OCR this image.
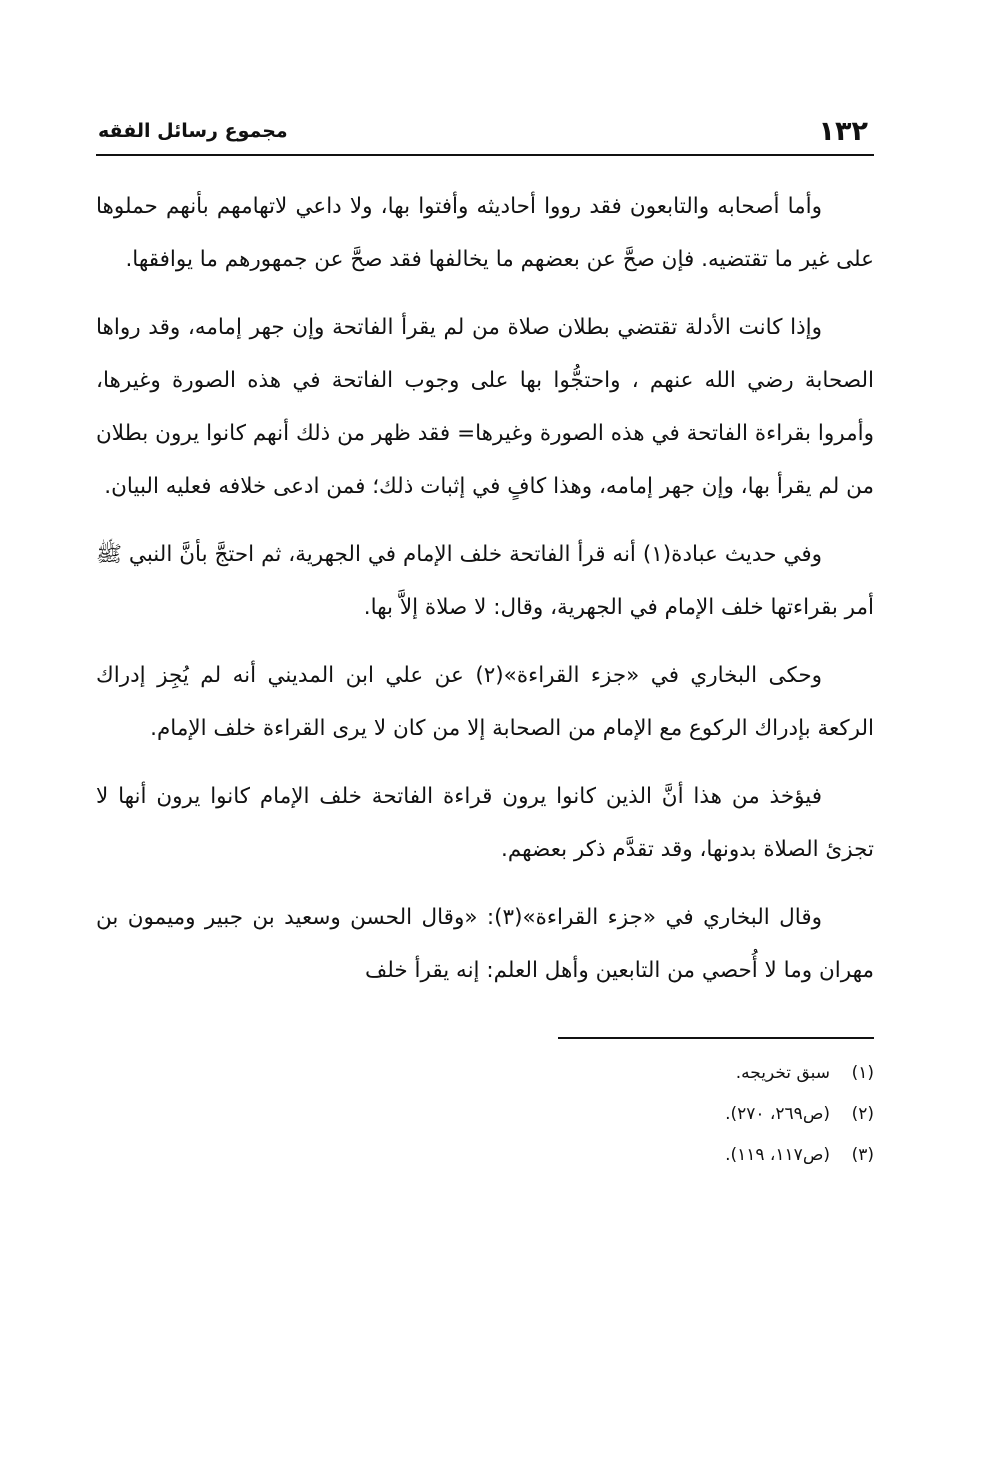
١٣٢
مجموع رسائل الفقه

وأما أصحابه والتابعون فقد رووا أحاديثه وأفتوا بها، ولا داعي لاتهامهم بأنهم حملوها على غير ما تقتضيه. فإن صحَّ عن بعضهم ما يخالفها فقد صحَّ عن جمهورهم ما يوافقها.

وإذا كانت الأدلة تقتضي بطلان صلاة من لم يقرأ الفاتحة وإن جهر إمامه، وقد رواها الصحابة رضي الله عنهم ، واحتجُّوا بها على وجوب الفاتحة في هذه الصورة وغيرها، وأمروا بقراءة الفاتحة في هذه الصورة وغيرها= فقد ظهر من ذلك أنهم كانوا يرون بطلان من لم يقرأ بها، وإن جهر إمامه، وهذا كافٍ في إثبات ذلك؛ فمن ادعى خلافه فعليه البيان.

وفي حديث عبادة(١) أنه قرأ الفاتحة خلف الإمام في الجهرية، ثم احتجَّ بأنَّ النبي ﷺ أمر بقراءتها خلف الإمام في الجهرية، وقال: لا صلاة إلاَّ بها.

وحكى البخاري في «جزء القراءة»(٢) عن علي ابن المديني أنه لم يُجِز إدراك الركعة بإدراك الركوع مع الإمام من الصحابة إلا من كان لا يرى القراءة خلف الإمام.

فيؤخذ من هذا أنَّ الذين كانوا يرون قراءة الفاتحة خلف الإمام كانوا يرون أنها لا تجزئ الصلاة بدونها، وقد تقدَّم ذكر بعضهم.

وقال البخاري في «جزء القراءة»(٣): «وقال الحسن وسعيد بن جبير وميمون بن مهران وما لا أُحصي من التابعين وأهل العلم: إنه يقرأ خلف

(١)
سبق تخريجه.
(٢)
(ص٢٦٩، ٢٧٠).
(٣)
(ص١١٧، ١١٩).
